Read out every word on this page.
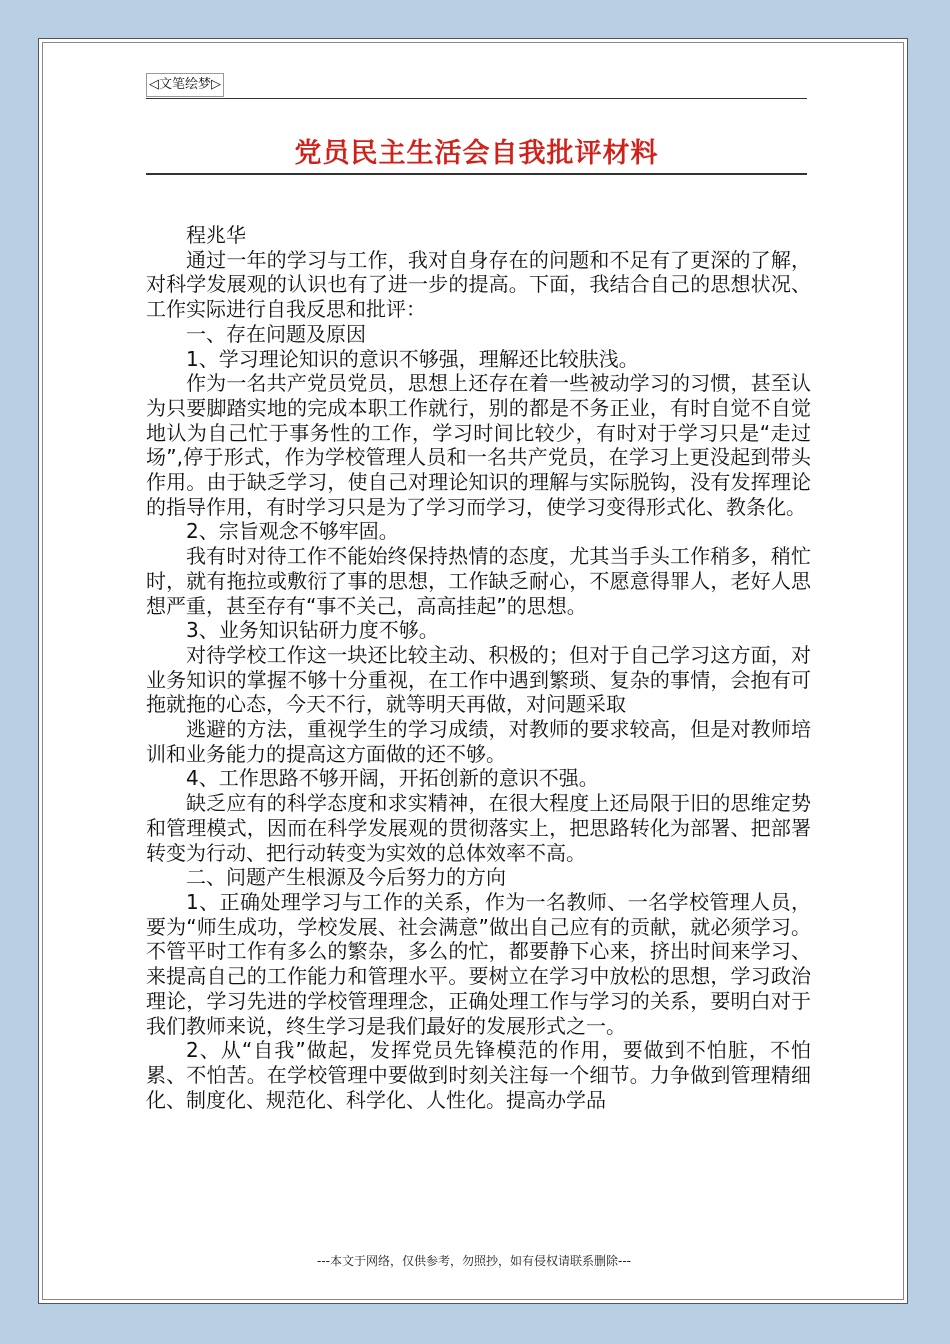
◁文笔绘梦▷
党员民主生活会自我批评材料

程兆华

通过一年的学习与工作，我对自身存在的问题和不足有了更深的了解，对科学发展观的认识也有了进一步的提高。下面，我结合自己的思想状况、工作实际进行自我反思和批评：

一、存在问题及原因

1、学习理论知识的意识不够强，理解还比较肤浅。

作为一名共产党员党员，思想上还存在着一些被动学习的习惯，甚至认为只要脚踏实地的完成本职工作就行，别的都是不务正业，有时自觉不自觉地认为自己忙于事务性的工作，学习时间比较少，有时对于学习只是“走过场”,停于形式，作为学校管理人员和一名共产党员，在学习上更没起到带头作用。由于缺乏学习，使自己对理论知识的理解与实际脱钩，没有发挥理论的指导作用，有时学习只是为了学习而学习，使学习变得形式化、教条化。

2、宗旨观念不够牢固。

我有时对待工作不能始终保持热情的态度，尤其当手头工作稍多，稍忙时，就有拖拉或敷衍了事的思想，工作缺乏耐心，不愿意得罪人，老好人思想严重，甚至存有“事不关己，高高挂起”的思想。

3、业务知识钻研力度不够。

对待学校工作这一块还比较主动、积极的；但对于自己学习这方面，对业务知识的掌握不够十分重视，在工作中遇到繁琐、复杂的事情，会抱有可拖就拖的心态，今天不行，就等明天再做，对问题采取

逃避的方法，重视学生的学习成绩，对教师的要求较高，但是对教师培训和业务能力的提高这方面做的还不够。

4、工作思路不够开阔，开拓创新的意识不强。

缺乏应有的科学态度和求实精神，在很大程度上还局限于旧的思维定势和管理模式，因而在科学发展观的贯彻落实上，把思路转化为部署、把部署转变为行动、把行动转变为实效的总体效率不高。

二、问题产生根源及今后努力的方向

1、正确处理学习与工作的关系，作为一名教师、一名学校管理人员，要为“师生成功，学校发展、社会满意”做出自己应有的贡献，就必须学习。不管平时工作有多么的繁杂，多么的忙，都要静下心来，挤出时间来学习、来提高自己的工作能力和管理水平。要树立在学习中放松的思想，学习政治理论，学习先进的学校管理理念，正确处理工作与学习的关系，要明白对于我们教师来说，终生学习是我们最好的发展形式之一。

2、从“自我”做起，发挥党员先锋模范的作用，要做到不怕脏，不怕累、不怕苦。在学校管理中要做到时刻关注每一个细节。力争做到管理精细化、制度化、规范化、科学化、人性化。提高办学品

---本文于网络，仅供参考，勿照抄，如有侵权请联系删除---
